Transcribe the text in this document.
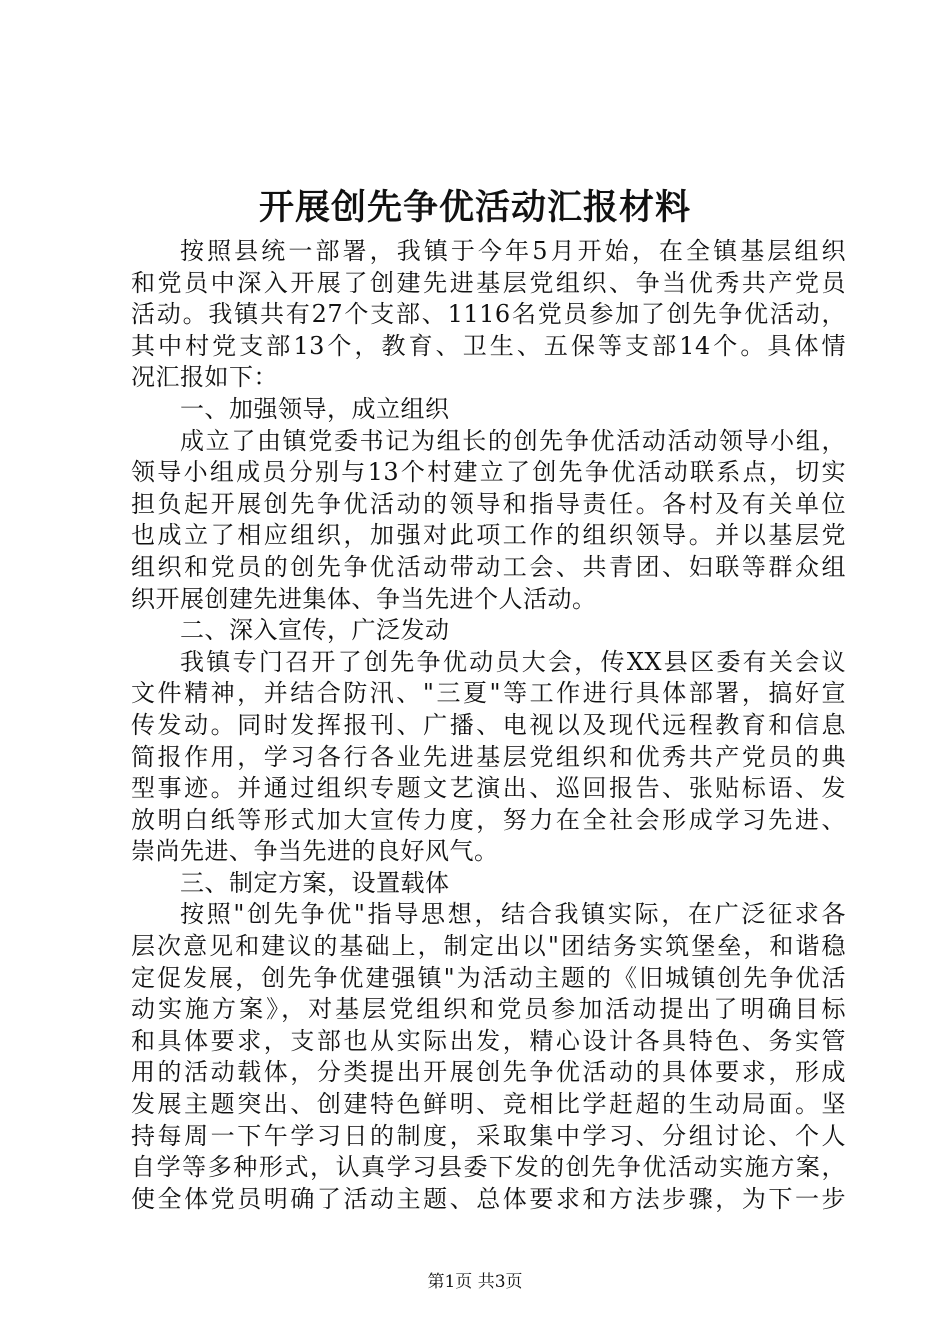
开展创先争优活动汇报材料
按照县统一部署，我镇于今年5月开始，在全镇基层组织
和党员中深入开展了创建先进基层党组织、争当优秀共产党员
活动。我镇共有27个支部、1116名党员参加了创先争优活动，
其中村党支部13个，教育、卫生、五保等支部14个。具体情
况汇报如下：
一、加强领导，成立组织
成立了由镇党委书记为组长的创先争优活动活动领导小组，
领导小组成员分别与13个村建立了创先争优活动联系点，切实
担负起开展创先争优活动的领导和指导责任。各村及有关单位
也成立了相应组织，加强对此项工作的组织领导。并以基层党
组织和党员的创先争优活动带动工会、共青团、妇联等群众组
织开展创建先进集体、争当先进个人活动。
二、深入宣传，广泛发动
我镇专门召开了创先争优动员大会，传XX县区委有关会议
文件精神，并结合防汛、"三夏"等工作进行具体部署，搞好宣
传发动。同时发挥报刊、广播、电视以及现代远程教育和信息
简报作用，学习各行各业先进基层党组织和优秀共产党员的典
型事迹。并通过组织专题文艺演出、巡回报告、张贴标语、发
放明白纸等形式加大宣传力度，努力在全社会形成学习先进、
崇尚先进、争当先进的良好风气。
三、制定方案，设置载体
按照"创先争优"指导思想，结合我镇实际，在广泛征求各
层次意见和建议的基础上，制定出以"团结务实筑堡垒，和谐稳
定促发展，创先争优建强镇"为活动主题的《旧城镇创先争优活
动实施方案》，对基层党组织和党员参加活动提出了明确目标
和具体要求，支部也从实际出发，精心设计各具特色、务实管
用的活动载体，分类提出开展创先争优活动的具体要求，形成
发展主题突出、创建特色鲜明、竞相比学赶超的生动局面。坚
持每周一下午学习日的制度，采取集中学习、分组讨论、个人
自学等多种形式，认真学习县委下发的创先争优活动实施方案，
使全体党员明确了活动主题、总体要求和方法步骤，为下一步
第1页 共3页
